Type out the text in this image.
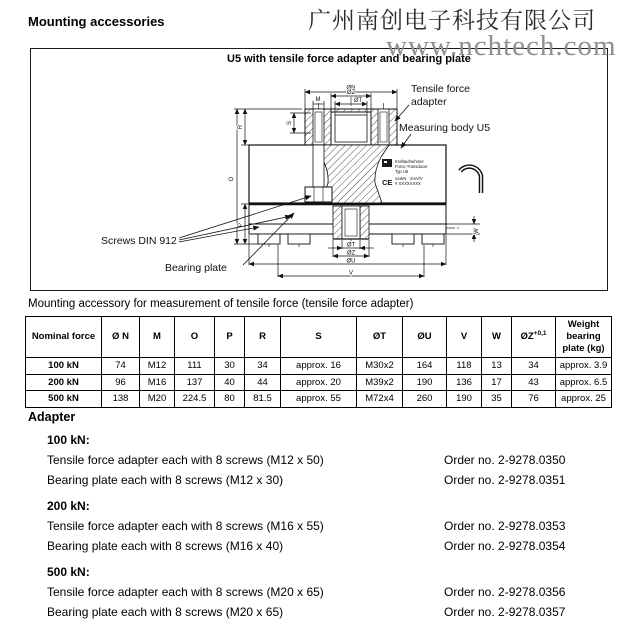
Mounting accessories	广州南创电子科技有限公司
www.nchtech.com
Kraftaufnehmer
Force Transducer
Typ U5
CE xxxkN · 2mV/V
# XXXXXXXX
ØN
ØZ
ØT
M
O
R
S
P
W
ØT
ØZ
ØU
V
Tensile force
adapter
Measuring body U5
Screws DIN 912
Bearing plate
U5 with tensile force adapter and bearing plate

Mounting accessory for measurement of tensile force (tensile force adapter)

Nominal force	Ø N	M	O	P	R	S	ØT	ØU	V	W	$ØZ^{+0,1}$	Weight bearing plate (kg)
100 kN	74	M12	111	30	34	approx. 16	M30x2	164	118	13	34	approx. 3.9
200 kN	96	M16	137	40	44	approx. 20	M39x2	190	136	17	43	approx. 6.5
500 kN	138	M20	224.5	80	81.5	approx. 55	M72x4	260	190	35	76	approx. 25
Adapter
100 kN:
Tensile force adapter each with 8 screws (M12 x 50)	Order no. 2-9278.0350
Bearing plate each with 8 screws (M12 x 30)	Order no. 2-9278.0351
200 kN:
Tensile force adapter each with 8 screws (M16 x 55)	Order no. 2-9278.0353
Bearing plate each with 8 screws (M16 x 40)	Order no. 2-9278.0354
500 kN:
Tensile force adapter each with 8 screws (M20 x 65)	Order no. 2-9278.0356
Bearing plate each with 8 screws (M20 x 65)	Order no. 2-9278.0357
